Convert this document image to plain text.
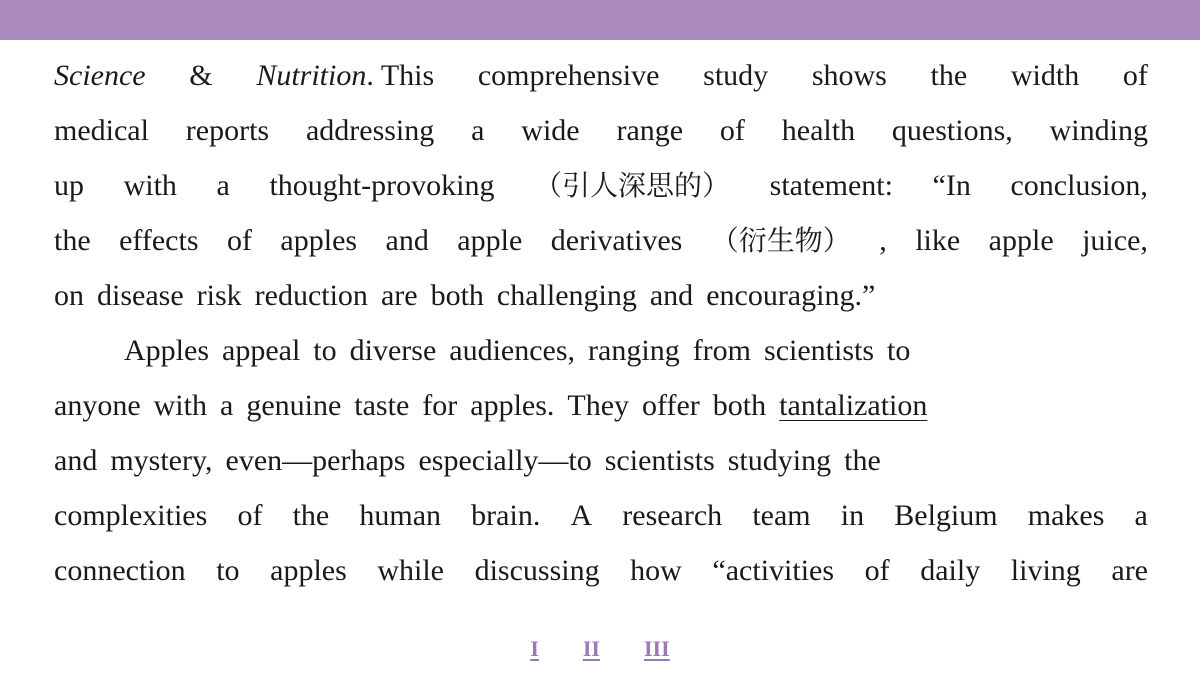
Science & Nutrition. This comprehensive study shows the width of
medical reports addressing a wide range of health questions, winding
up with a thought-provoking （引人深思的） statement: “In conclusion,
the effects of apples and apple derivatives （衍生物） , like apple juice,
on disease risk reduction are both challenging and encouraging.”
Apples appeal to diverse audiences, ranging from scientists to
anyone with a genuine taste for apples. They offer both tantalization
and mystery, even—perhaps especially—to scientists studying the
complexities of the human brain. A research team in Belgium makes a
connection to apples while discussing how “activities of daily living are
I II III
